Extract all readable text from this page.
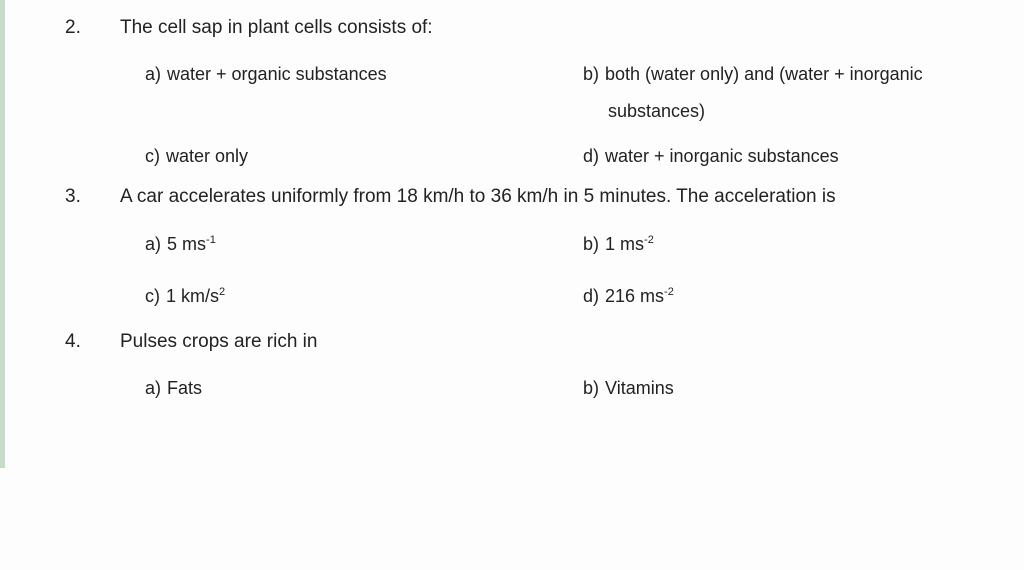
2. The cell sap in plant cells consists of:
a) water + organic substances	b) both (water only) and (water + inorganic
substances)
c) water only	d) water + inorganic substances
3. A car accelerates uniformly from 18 km/h to 36 km/h in 5 minutes. The acceleration is
a) 5 $ms^{-1}$	b) 1 $ms^{-2}$
c) 1 $km/s^2$	d) 216 $ms^{-2}$
4. Pulses crops are rich in
a) Fats	b) Vitamins
